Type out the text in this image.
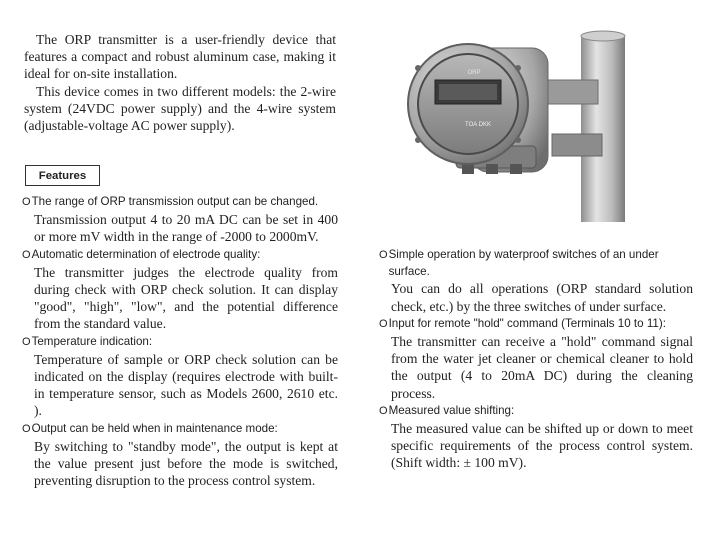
The ORP transmitter is a user-friendly device that features a compact and robust aluminum case, making it ideal for on-site installation.

This device comes in two different models: the 2-wire system (24VDC power supply) and the 4-wire system (adjustable-voltage AC power supply).

Features
O The range of ORP transmission output can be changed.
Transmission output 4 to 20 mA DC can be set in 400 or more mV width in the range of -2000 to 2000mV.
O Automatic determination of electrode quality:
The transmitter judges the electrode quality from during check with ORP check solution. It can display "good", "high", "low", and the potential difference from the standard value.
O Temperature indication:
Temperature of sample or ORP check solution can be indicated on the display (requires electrode with built-in temperature sensor, such as Models 2600, 2610 etc. ).
O Output can be held when in maintenance mode:
By switching to "standby mode", the output is kept at the value present just before the mode is switched, preventing disruption to the process control system.
O Simple operation by waterproof switches of an under surface.
You can do all operations (ORP standard solution check, etc.) by the three switches of under surface.
O Input for remote "hold" command (Terminals 10 to 11):
The transmitter can receive a "hold" command signal from the water jet cleaner or chemical cleaner to hold the output (4 to 20mA DC) during the cleaning process.
O Measured value shifting:
The measured value can be shifted up or down to meet specific requirements of the process control system. (Shift width: ± 100 mV).
ORP
TOA DKK
